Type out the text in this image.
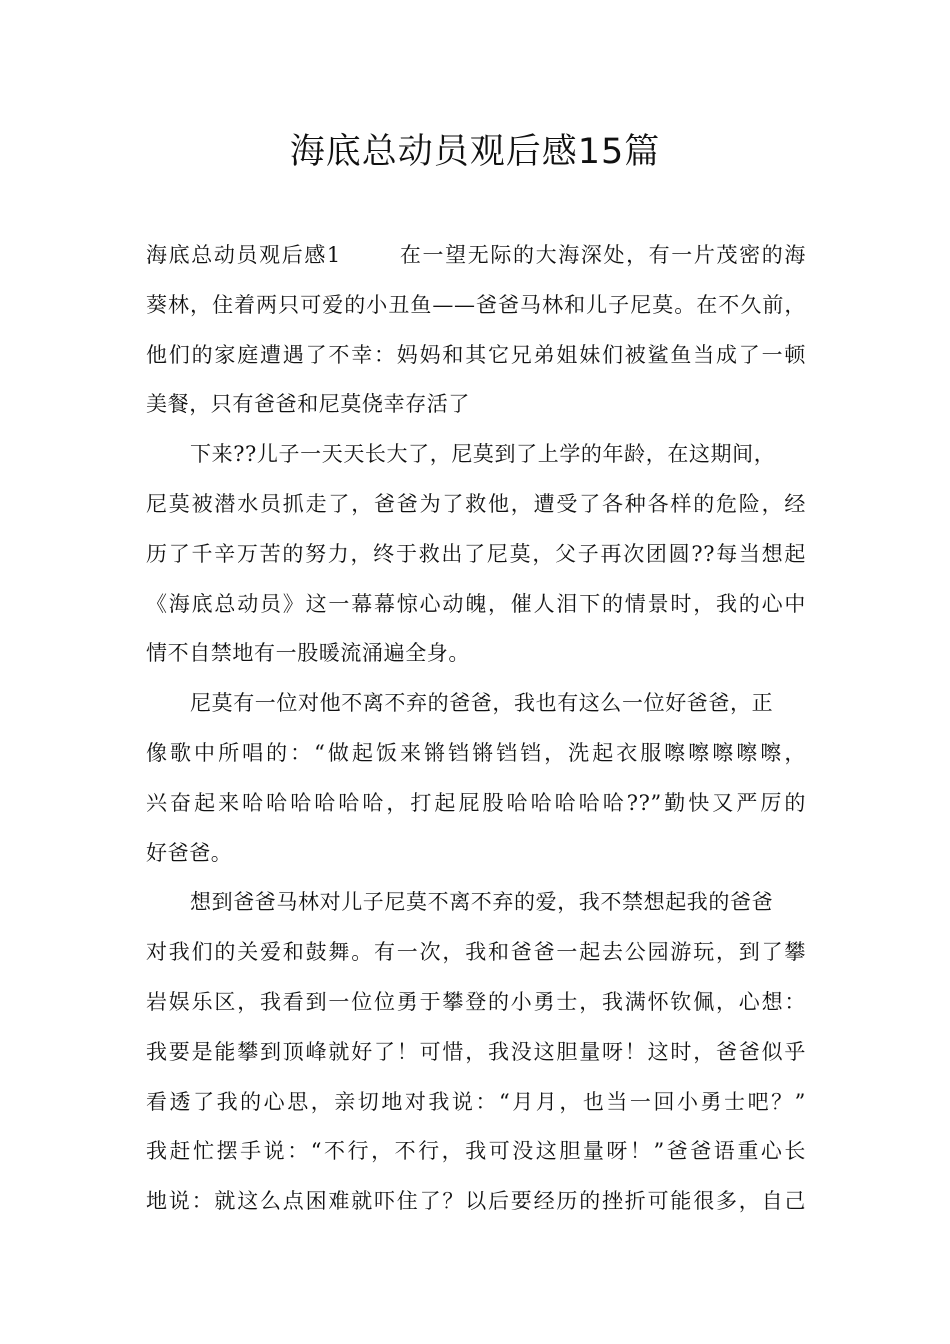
海底总动员观后感15篇
海底总动员观后感1	在一望无际的大海深处，有一片茂密的海
葵林，住着两只可爱的小丑鱼——爸爸马林和儿子尼莫。在不久前，
他们的家庭遭遇了不幸：妈妈和其它兄弟姐妹们被鲨鱼当成了一顿
美餐，只有爸爸和尼莫侥幸存活了
下来??儿子一天天长大了，尼莫到了上学的年龄，在这期间，
尼莫被潜水员抓走了，爸爸为了救他，遭受了各种各样的危险，经
历了千辛万苦的努力，终于救出了尼莫，父子再次团圆??每当想起
《海底总动员》这一幕幕惊心动魄，催人泪下的情景时，我的心中
情不自禁地有一股暖流涌遍全身。
尼莫有一位对他不离不弃的爸爸，我也有这么一位好爸爸，正
像歌中所唱的：“做起饭来锵铛锵铛铛，洗起衣服嚓嚓嚓嚓嚓，
兴奋起来哈哈哈哈哈哈，打起屁股哈哈哈哈哈??”勤快又严厉的
好爸爸。
想到爸爸马林对儿子尼莫不离不弃的爱，我不禁想起我的爸爸
对我们的关爱和鼓舞。有一次，我和爸爸一起去公园游玩，到了攀
岩娱乐区，我看到一位位勇于攀登的小勇士，我满怀钦佩，心想：
我要是能攀到顶峰就好了！可惜，我没这胆量呀！这时，爸爸似乎
看透了我的心思，亲切地对我说：“月月，也当一回小勇士吧？”
我赶忙摆手说：“不行，不行，我可没这胆量呀！”爸爸语重心长
地说：就这么点困难就吓住了？以后要经历的挫折可能很多，自己
